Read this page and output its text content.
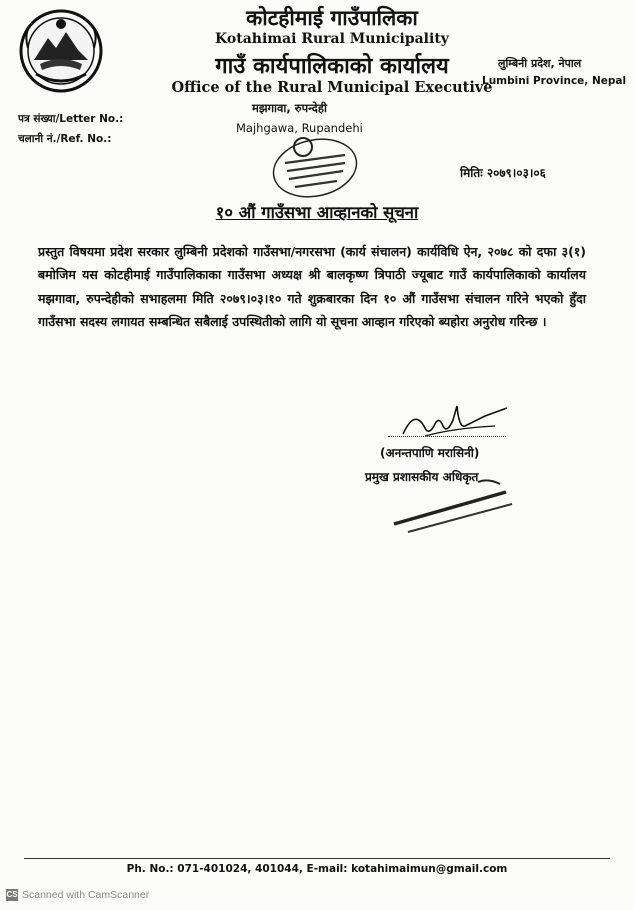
कोटहीमाई गाउँपालिका
Kotahimai Rural Municipality
गाउँ कार्यपालिकाको कार्यालय
Office of the Rural Municipal Executive
लुम्बिनी प्रदेश, नेपाल
Lumbini Province, Nepal
मझगावा, रुपन्देही
Majhgawa, Rupandehi
पत्र संख्या/Letter No.:
चलानी नं./Ref. No.:
मितिः २०७९।०३।०६
१० औं गाउँसभा आव्हानको सूचना
प्रस्तुत विषयमा प्रदेश सरकार लुम्बिनी प्रदेशको गाउँसभा/नगरसभा (कार्य संचालन) कार्यविधि ऐन, २०७८ को दफा ३(१) बमोजिम यस कोटहीमाई गाउँपालिकाका गाउँसभा अध्यक्ष श्री बालकृष्ण त्रिपाठी ज्यूबाट गाउँ कार्यपालिकाको कार्यालय मझगावा, रुपन्देहीको सभाहलमा मिति २०७९।०३।१० गते शुक्रबारका दिन १० औं गाउँसभा संचालन गरिने भएको हुँदा गाउँसभा सदस्य लगायत सम्बन्धित सबैलाई उपस्थितीको लागि यो सूचना आव्हान गरिएको ब्यहोरा अनुरोध गरिन्छ ।
(अनन्तपाणि मरासिनी)
प्रमुख प्रशासकीय अधिकृत
Ph. No.: 071-401024, 401044, E-mail: kotahimaimun@gmail.com
CS Scanned with CamScanner
